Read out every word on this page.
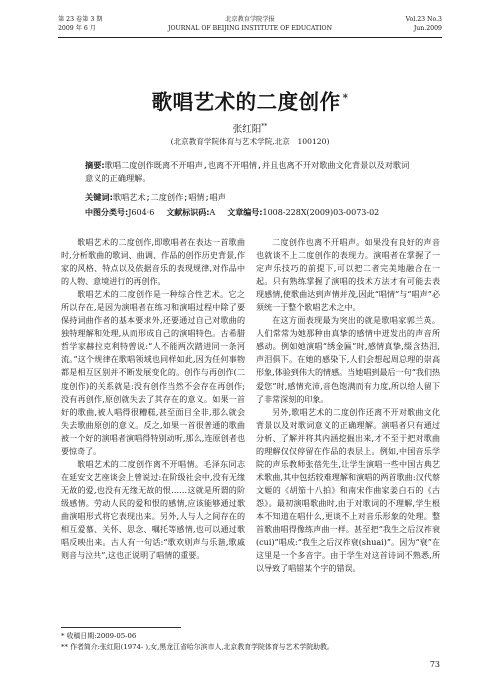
第 23 卷第 3 期
2009 年 6 月
北京教育学院学报
JOURNAL OF BEIJING INSTITUTE OF EDUCATION
Vol.23 No.3
Jun.2009
歌唱艺术的二度创作 *
张红阳**
(北京教育学院体育与艺术学院,北京　100120)
摘要:歌唱二度创作既离不开唱声,也离不开唱情,并且也离不开对歌曲文化背景以及对歌词意义的正确理解。
关键词:歌唱艺术;二度创作;唱情;唱声
中图分类号:J604·6 文献标识码:A 文章编号:1008-228X(2009)03-0073-02

歌唱艺术的二度创作,即歌唱者在表达一首歌曲时,分析歌曲的歌词、曲调、作品的创作历史背景,作家的风格、特点以及依据音乐的表现规律,对作品中的人物、意境进行的再创作。

歌唱艺术的二度创作是一种综合性艺术。它之所以存在,是因为演唱者在练习和演唱过程中除了要保持词曲作者的基本要求外,还要通过自己对歌曲的独特理解和处理,从而形成自己的演唱特色。古希腊哲学家赫拉克利特曾说:“人不能两次踏进同一条河流。”这个规律在歌唱领域也同样如此,因为任何事物都是相互区别并不断发展变化的。创作与再创作(二度创作)的关系就是:没有创作当然不会存在再创作;没有再创作,原创就失去了其存在的意义。如果一首好的歌曲,被人唱得很糟糕,甚至面目全非,那么就会失去歌曲原创的意义。反之,如果一首很普通的歌曲被一个好的演唱者演唱得特别动听,那么,连原创者也要惊奇了。

歌唱艺术的二度创作离不开唱情。毛泽东同志在延安文艺座谈会上曾说过:在阶级社会中,没有无缘无故的爱,也没有无缘无故的恨……这就是所谓的阶级感情。劳动人民的爱和恨的感情,应该能够通过歌曲演唱形式将它表现出来。另外,人与人之间存在的相互爱慕、关怀、思念、嘱托等感情,也可以通过歌唱反映出来。古人有一句话:“歌欢则声与乐谐,歌戚则音与泣共”,这也正说明了唱情的重要。

二度创作也离不开唱声。如果没有良好的声音也就谈不上二度创作的表现力。演唱者在掌握了一定声乐技巧的前提下,可以把二者完美地融合在一起。只有熟练掌握了演唱的技术方法才有可能去表现感情,使歌曲达到声情并茂,因此“唱情”与“唱声”必须统一于整个歌唱艺术之中。

在这方面表现最为突出的就是歌唱家郭兰英。人们常常为她那种由真挚的感情中迸发出的声音所感动。例如她演唱“绣金匾”时,感情真挚,缀含热泪,声泪俱下。在她的感染下,人们会想起周总理的崇高形象,体验到伟大的情感。当她唱到最后一句“我们热爱您”时,感情充沛,音色饱满而有力度,所以给人留下了非常深刻的印象。

另外,歌唱艺术的二度创作还离不开对歌曲文化背景以及对歌词意义的正确理解。演唱者只有通过分析、了解并将其内涵挖掘出来,才不至于把对歌曲的理解仅仅停留在作品的表层上。例如,中国音乐学院的声乐教师张蓓先生,让学生演唱一些中国古典艺术歌曲,其中包括较难理解和演唱的两首歌曲:汉代蔡文姬的《胡笳十八拍》和南宋作曲家姜白石的《古怨》。最初演唱歌曲时,由于对歌词的不理解,学生根本不知道在唱什么,更谈不上对音乐形象的处理。整首歌曲唱得像练声曲一样。甚至把“我生之后汉祚衰(cui)”唱成:“我生之后汉祚衰(shuai)”。因为“衰”在这里是一个多音字。由于学生对这首诗词不熟悉,所以导致了唱错某个字的错误。

* 收稿日期:2009-05-06
** 作者简介:张红阳(1974- ),女,黑龙江省哈尔滨市人,北京教育学院体育与艺术学院助教。
73
